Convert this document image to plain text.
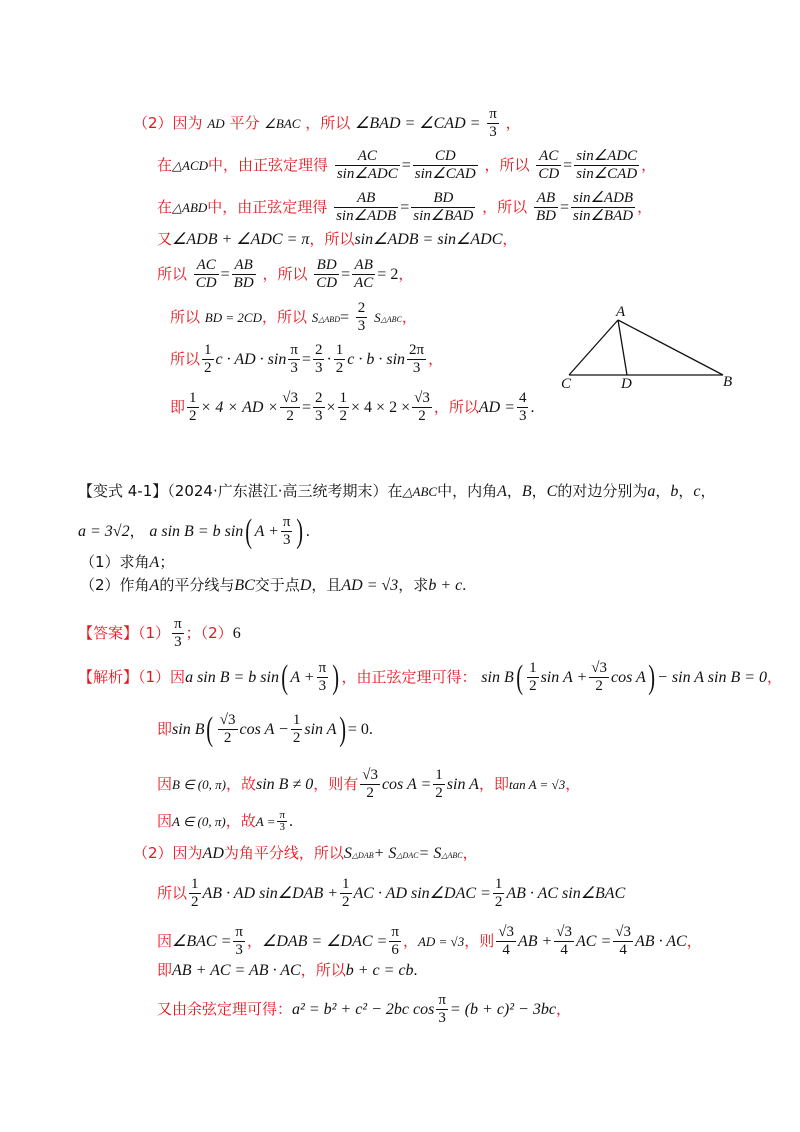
（2）因为 AD 平分 ∠BAC ，所以 ∠BAD = ∠CAD = $\frac{\pi}{3}$ ，
在△ACD中，由正弦定理得 $\frac{AC}{\text{sin∠ADC}} = \frac{CD}{\text{sin∠CAD}}$ ，所以 $\frac{AC}{CD} = \frac{\text{sin∠ADC}}{\text{sin∠CAD}}$ ，
在△ABD中，由正弦定理得 $\frac{AB}{\text{sin∠ADB}} = \frac{BD}{\text{sin∠BAD}}$ ，所以 $\frac{AB}{BD} = \frac{\text{sin∠ADB}}{\text{sin∠BAD}}$ ，
又∠ADB + ∠ADC = π，所以sin∠ADB = sin∠ADC，
所以 $\frac{AC}{CD} = \frac{AB}{BD}$ ，所以 $\frac{BD}{CD} = \frac{AB}{AC} = 2$，
所以 BD = 2CD，所以 S△ABD= $\frac{2}{3}$ S△ABC，
所以 $\frac{1}{2}$ c · AD · $\sin \frac{\pi}{3} = \frac{2}{3} \cdot \frac{1}{2}$ $c \cdot b \cdot \sin \frac{2\pi}{3}$ ，
即 $\frac{1}{2} \times 4$ × AD × $\frac{√3}{2} = \frac{2}{3} \times \frac{1}{2} \times 4 \times 2 \times \frac{√3}{2}$ ，所以AD = $\frac{4}{3}$ .
A
C	D	B
【变式 4-1】（2024·广东湛江·高三统考期末）在△ABC中，内角A，B，C的对边分别为a，b，c，
a = 3√2， a sin B = b sin( $A + \frac{\pi}{3}$ ) .
（1）求角A；
（2）作角A的平分线与BC交于点D，且AD = √3，求b + c.
【答案】$(1) \frac{\pi}{3}$ ；（2）6
【解析】（1）因a sin B = b sin( $A + \frac{\pi}{3}$ ) ，由正弦定理可得： $\sin B( \frac{1}{2}$ $\sin A + \frac{√3}{2}$ cos A) − sin A sin B = 0，
即$\sin B( \frac{√3}{2}$ $\cos A - \frac{1}{2}$ sin A) = 0.
因B ∈ (0, π)，故sin B ≠ 0，则有 $\frac{√3}{2}$ $\cos A = \frac{1}{2}$ sin A，即tan A = √3，
因A ∈ (0, π)，故$A = \frac{\pi}{3}$ .
（2）因为AD为角平分线，所以S△DAB+ S△DAC= S△ABC，
所以 $\frac{1}{2}$ AB · AD sin∠DAB + $\frac{1}{2}$ AC · AD sin∠DAC = $\frac{1}{2}$ AB · AC sin∠BAC
因∠BAC = $\frac{\pi}{3}$ ，∠DAB = ∠DAC = $\frac{\pi}{6}$ ，AD = √3，则 $\frac{√3}{4}$ AB + $\frac{√3}{4}$ AC = $\frac{√3}{4}$ AB · AC，
即AB + AC = AB · AC，所以b + c = cb.
又由余弦定理可得：a² = b² + c² − 2bc $\cos \frac{\pi}{3} = (b + c)^2 - 3bc$，
